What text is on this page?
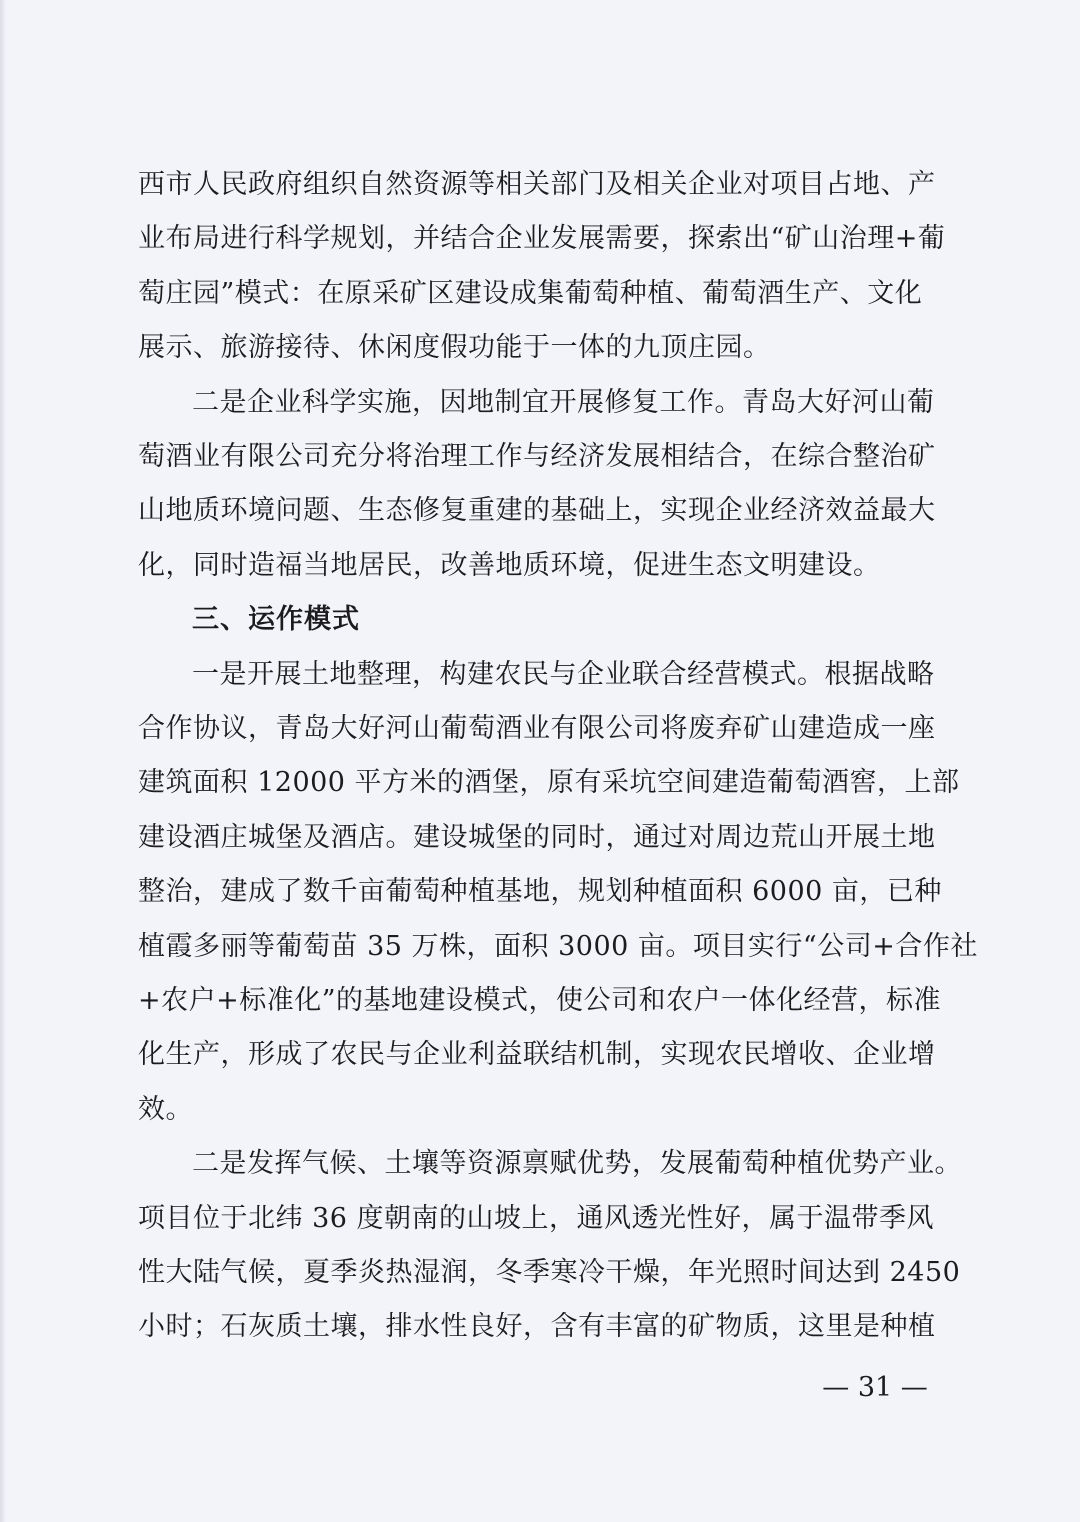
西市人民政府组织自然资源等相关部门及相关企业对项目占地、产
业布局进行科学规划，并结合企业发展需要，探索出“矿山治理+葡
萄庄园”模式：在原采矿区建设成集葡萄种植、葡萄酒生产、文化
展示、旅游接待、休闲度假功能于一体的九顶庄园。
二是企业科学实施，因地制宜开展修复工作。青岛大好河山葡
萄酒业有限公司充分将治理工作与经济发展相结合，在综合整治矿
山地质环境问题、生态修复重建的基础上，实现企业经济效益最大
化，同时造福当地居民，改善地质环境，促进生态文明建设。
三、运作模式
一是开展土地整理，构建农民与企业联合经营模式。根据战略
合作协议，青岛大好河山葡萄酒业有限公司将废弃矿山建造成一座
建筑面积 12000 平方米的酒堡，原有采坑空间建造葡萄酒窖，上部
建设酒庄城堡及酒店。建设城堡的同时，通过对周边荒山开展土地
整治，建成了数千亩葡萄种植基地，规划种植面积 6000 亩，已种
植霞多丽等葡萄苗 35 万株，面积 3000 亩。项目实行“公司+合作社
+农户+标准化”的基地建设模式，使公司和农户一体化经营，标准
化生产，形成了农民与企业利益联结机制，实现农民增收、企业增
效。
二是发挥气候、土壤等资源禀赋优势，发展葡萄种植优势产业。
项目位于北纬 36 度朝南的山坡上，通风透光性好，属于温带季风
性大陆气候，夏季炎热湿润，冬季寒冷干燥，年光照时间达到 2450
小时；石灰质土壤，排水性良好，含有丰富的矿物质，这里是种植
— 31 —
